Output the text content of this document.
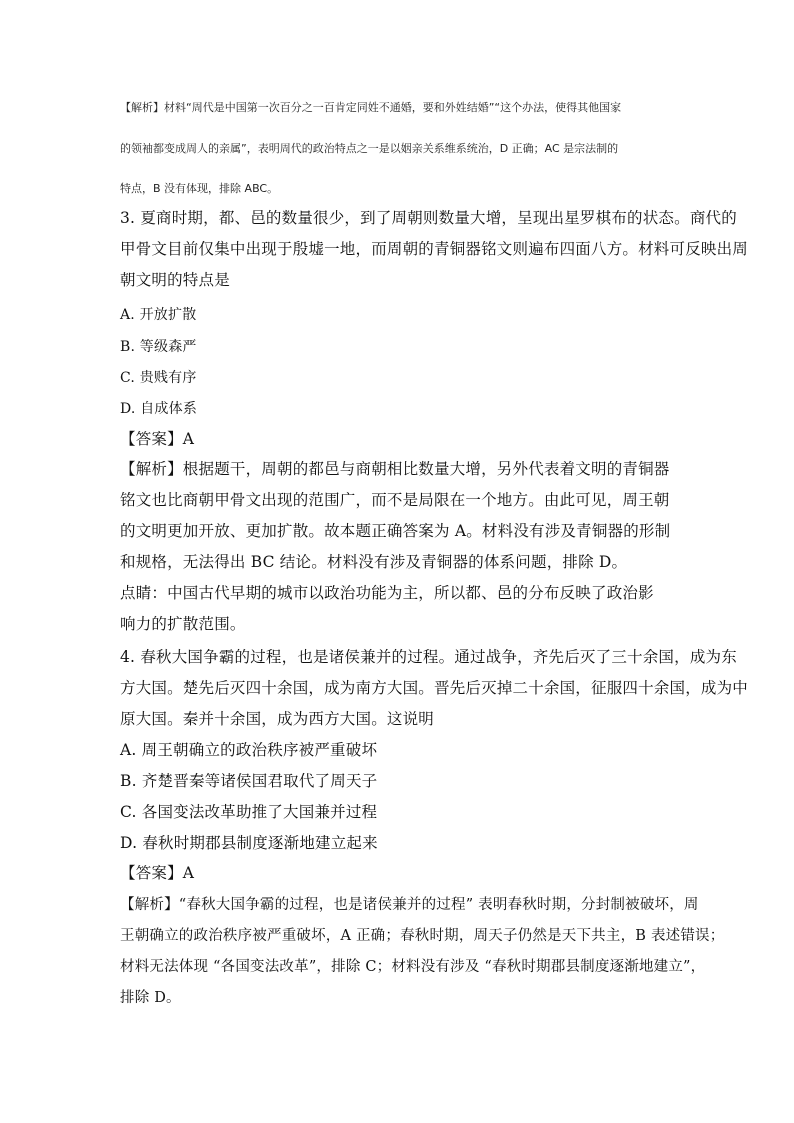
【解析】材料“周代是中国第一次百分之一百肯定同姓不通婚，要和外姓结婚”“这个办法，使得其他国家
的领袖都变成周人的亲属”，表明周代的政治特点之一是以姻亲关系维系统治，D 正确；AC 是宗法制的
特点，B 没有体现，排除 ABC。
3. 夏商时期，都、邑的数量很少，到了周朝则数量大增，呈现出星罗棋布的状态。商代的
甲骨文目前仅集中出现于殷墟一地，而周朝的青铜器铭文则遍布四面八方。材料可反映出周
朝文明的特点是
A. 开放扩散
B. 等级森严
C. 贵贱有序
D. 自成体系
【答案】A
【解析】根据题干，周朝的都邑与商朝相比数量大增，另外代表着文明的青铜器
铭文也比商朝甲骨文出现的范围广，而不是局限在一个地方。由此可见，周王朝
的文明更加开放、更加扩散。故本题正确答案为 A。材料没有涉及青铜器的形制
和规格，无法得出 BC 结论。材料没有涉及青铜器的体系问题，排除 D。
点睛：中国古代早期的城市以政治功能为主，所以都、邑的分布反映了政治影
响力的扩散范围。
4. 春秋大国争霸的过程，也是诸侯兼并的过程。通过战争，齐先后灭了三十余国，成为东
方大国。楚先后灭四十余国，成为南方大国。晋先后灭掉二十余国，征服四十余国，成为中
原大国。秦并十余国，成为西方大国。这说明
A. 周王朝确立的政治秩序被严重破坏
B. 齐楚晋秦等诸侯国君取代了周天子
C. 各国变法改革助推了大国兼并过程
D. 春秋时期郡县制度逐渐地建立起来
【答案】A
【解析】“春秋大国争霸的过程，也是诸侯兼并的过程” 表明春秋时期，分封制被破坏，周
王朝确立的政治秩序被严重破坏，A 正确；春秋时期，周天子仍然是天下共主，B 表述错误；
材料无法体现 “各国变法改革”，排除 C；材料没有涉及 “春秋时期郡县制度逐渐地建立”，
排除 D。
